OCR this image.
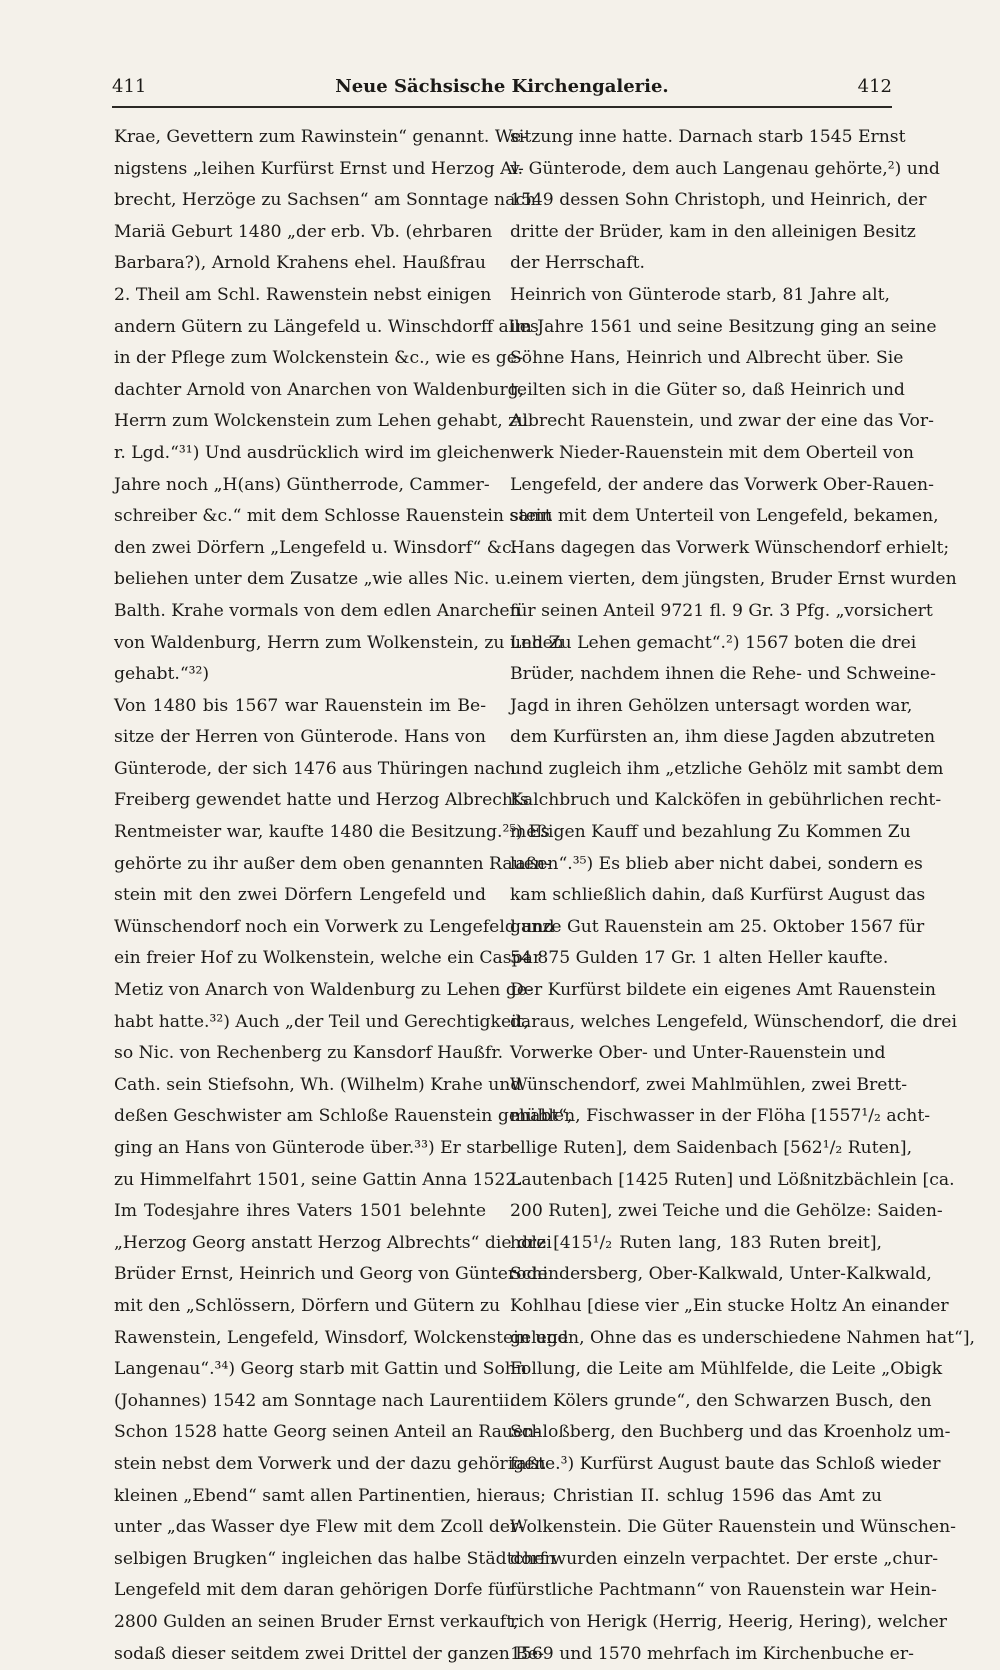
411	Neue Sächsische Kirchengalerie.	412
Krae, Gevettern zum Rawinstein“ genannt. We-
nigstens „leihen Kurfürst Ernst und Herzog Al-
brecht, Herzöge zu Sachsen“ am Sonntage nach
Mariä Geburt 1480 „der erb. Vb. (ehrbaren
Barbara?), Arnold Krahens ehel. Haußfrau
2. Theil am Schl. Rawenstein nebst einigen
andern Gütern zu Längefeld u. Winschdorff alles
in der Pflege zum Wolckenstein &c., wie es ge-
dachter Arnold von Anarchen von Waldenburg,
Herrn zum Wolckenstein zum Lehen gehabt, zu
r. Lgd.“³¹) Und ausdrücklich wird im gleichen
Jahre noch „H(ans) Güntherrode, Cammer-
schreiber &c.“ mit dem Schlosse Rauenstein samt
den zwei Dörfern „Lengefeld u. Winsdorf“ &c.
beliehen unter dem Zusatze „wie alles Nic. u.
Balth. Krahe vormals von dem edlen Anarchen
von Waldenburg, Herrn zum Wolkenstein, zu Lehen
gehabt.“³²)
Von 1480 bis 1567 war Rauenstein im Be-
sitze der Herren von Günterode. Hans von
Günterode, der sich 1476 aus Thüringen nach
Freiberg gewendet hatte und Herzog Albrechts
Rentmeister war, kaufte 1480 die Besitzung.²⁵) Es
gehörte zu ihr außer dem oben genannten Rauen-
stein mit den zwei Dörfern Lengefeld und
Wünschendorf noch ein Vorwerk zu Lengefeld und
ein freier Hof zu Wolkenstein, welche ein Caspar
Metiz von Anarch von Waldenburg zu Lehen ge-
habt hatte.³²) Auch „der Teil und Gerechtigkeit,
so Nic. von Rechenberg zu Kansdorf Haußfr.
Cath. sein Stiefsohn, Wh. (Wilhelm) Krahe und
deßen Geschwister am Schloße Rauenstein gehabt“,
ging an Hans von Günterode über.³³) Er starb
zu Himmelfahrt 1501, seine Gattin Anna 1522.
Im Todesjahre ihres Vaters 1501 belehnte
„Herzog Georg anstatt Herzog Albrechts“ die drei
Brüder Ernst, Heinrich und Georg von Günterode
mit den „Schlössern, Dörfern und Gütern zu
Rawenstein, Lengefeld, Winsdorf, Wolckenstein und
Langenau“.³⁴) Georg starb mit Gattin und Sohn
(Johannes) 1542 am Sonntage nach Laurentii.
Schon 1528 hatte Georg seinen Anteil an Rauen-
stein nebst dem Vorwerk und der dazu gehörigen
kleinen „Ebend“ samt allen Partinentien, hier
unter „das Wasser dye Flew mit dem Zcoll der-
selbigen Brugken“ ingleichen das halbe Städtchen
Lengefeld mit dem daran gehörigen Dorfe für
2800 Gulden an seinen Bruder Ernst verkauft,
sodaß dieser seitdem zwei Drittel der ganzen Be-
sitzung inne hatte. Darnach starb 1545 Ernst
v. Günterode, dem auch Langenau gehörte,²) und
1549 dessen Sohn Christoph, und Heinrich, der
dritte der Brüder, kam in den alleinigen Besitz
der Herrschaft.
Heinrich von Günterode starb, 81 Jahre alt,
im Jahre 1561 und seine Besitzung ging an seine
Söhne Hans, Heinrich und Albrecht über. Sie
teilten sich in die Güter so, daß Heinrich und
Albrecht Rauenstein, und zwar der eine das Vor-
werk Nieder-Rauenstein mit dem Oberteil von
Lengefeld, der andere das Vorwerk Ober-Rauen-
stein mit dem Unterteil von Lengefeld, bekamen,
Hans dagegen das Vorwerk Wünschendorf erhielt;
einem vierten, dem jüngsten, Bruder Ernst wurden
für seinen Anteil 9721 fl. 9 Gr. 3 Pfg. „vorsichert
und Zu Lehen gemacht“.²) 1567 boten die drei
Brüder, nachdem ihnen die Rehe- und Schweine-
Jagd in ihren Gehölzen untersagt worden war,
dem Kurfürsten an, ihm diese Jagden abzutreten
und zugleich ihm „etzliche Gehölz mit sambt dem
Kalchbruch und Kalcköfen in gebührlichen recht-
meßigen Kauff und bezahlung Zu Kommen Zu
laßen“.³⁵) Es blieb aber nicht dabei, sondern es
kam schließlich dahin, daß Kurfürst August das
ganze Gut Rauenstein am 25. Oktober 1567 für
54 875 Gulden 17 Gr. 1 alten Heller kaufte.
Der Kurfürst bildete ein eigenes Amt Rauenstein
daraus, welches Lengefeld, Wünschendorf, die drei
Vorwerke Ober- und Unter-Rauenstein und
Wünschendorf, zwei Mahlmühlen, zwei Brett-
mühlen, Fischwasser in der Flöha [1557¹/₂ acht-
ellige Ruten], dem Saidenbach [562¹/₂ Ruten],
Lautenbach [1425 Ruten] und Lößnitzbächlein [ca.
200 Ruten], zwei Teiche und die Gehölze: Saiden-
holz [415¹/₂ Ruten lang, 183 Ruten breit],
Schindersberg, Ober-Kalkwald, Unter-Kalkwald,
Kohlhau [diese vier „Ein stucke Holtz An einander
gelegen, Ohne das es underschiedene Nahmen hat“],
Follung, die Leite am Mühlfelde, die Leite „Obigk
dem Kölers grunde“, den Schwarzen Busch, den
Schloßberg, den Buchberg und das Kroenholz um-
faßte.³) Kurfürst August baute das Schloß wieder
aus; Christian II. schlug 1596 das Amt zu
Wolkenstein. Die Güter Rauenstein und Wünschen-
dorf wurden einzeln verpachtet. Der erste „chur-
fürstliche Pachtmann“ von Rauenstein war Hein-
rich von Herigk (Herrig, Heerig, Hering), welcher
1569 und 1570 mehrfach im Kirchenbuche er-
